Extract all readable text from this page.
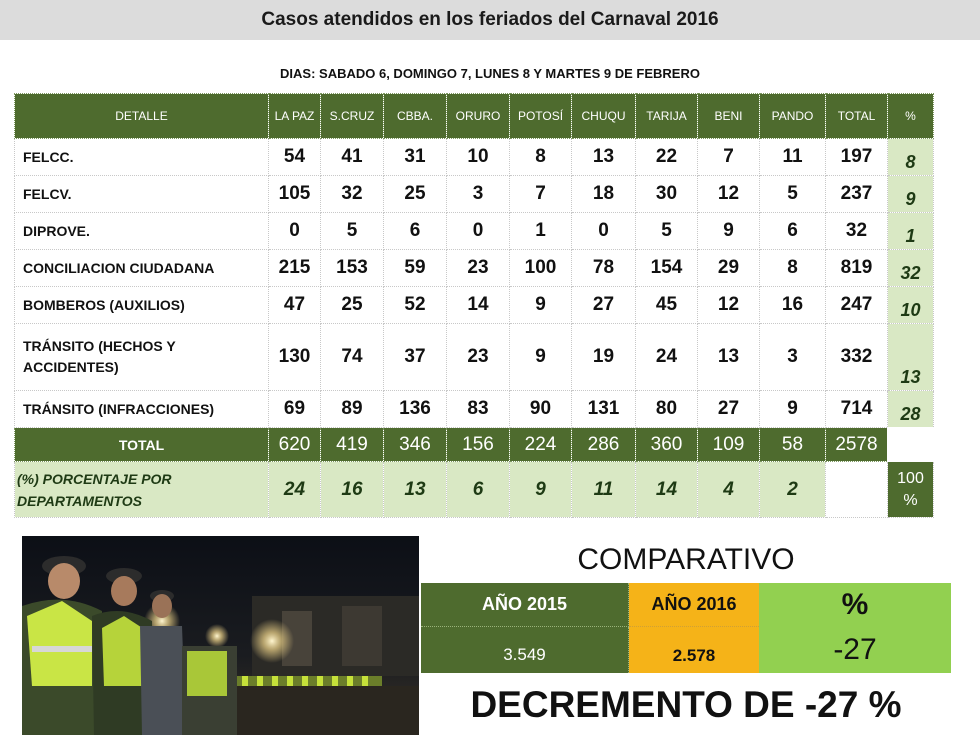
Casos atendidos en los feriados del Carnaval 2016
DIAS: SABADO 6, DOMINGO 7, LUNES 8 Y MARTES 9 DE FEBRERO
DETALLE	LA PAZ	S.CRUZ	CBBA.	ORURO	POTOSÍ	CHUQU	TARIJA	BENI	PANDO	TOTAL	%
FELCC.	54	41	31	10	8	13	22	7	11	197	8
FELCV.	105	32	25	3	7	18	30	12	5	237	9
DIPROVE.	0	5	6	0	1	0	5	9	6	32	1
CONCILIACION CIUDADANA	215	153	59	23	100	78	154	29	8	819	32
BOMBEROS (AUXILIOS)	47	25	52	14	9	27	45	12	16	247	10
TRÁNSITO (HECHOS Y ACCIDENTES)	130	74	37	23	9	19	24	13	3	332	13
TRÁNSITO (INFRACCIONES)	69	89	136	83	90	131	80	27	9	714	28
TOTAL	620	419	346	156	224	286	360	109	58	2578	
(%) PORCENTAJE POR DEPARTAMENTOS	24	16	13	6	9	11	14	4	2		100 %
COMPARATIVO
AÑO 2015	AÑO 2016	%
3.549	2.578	-27
DECREMENTO DE -27 %
